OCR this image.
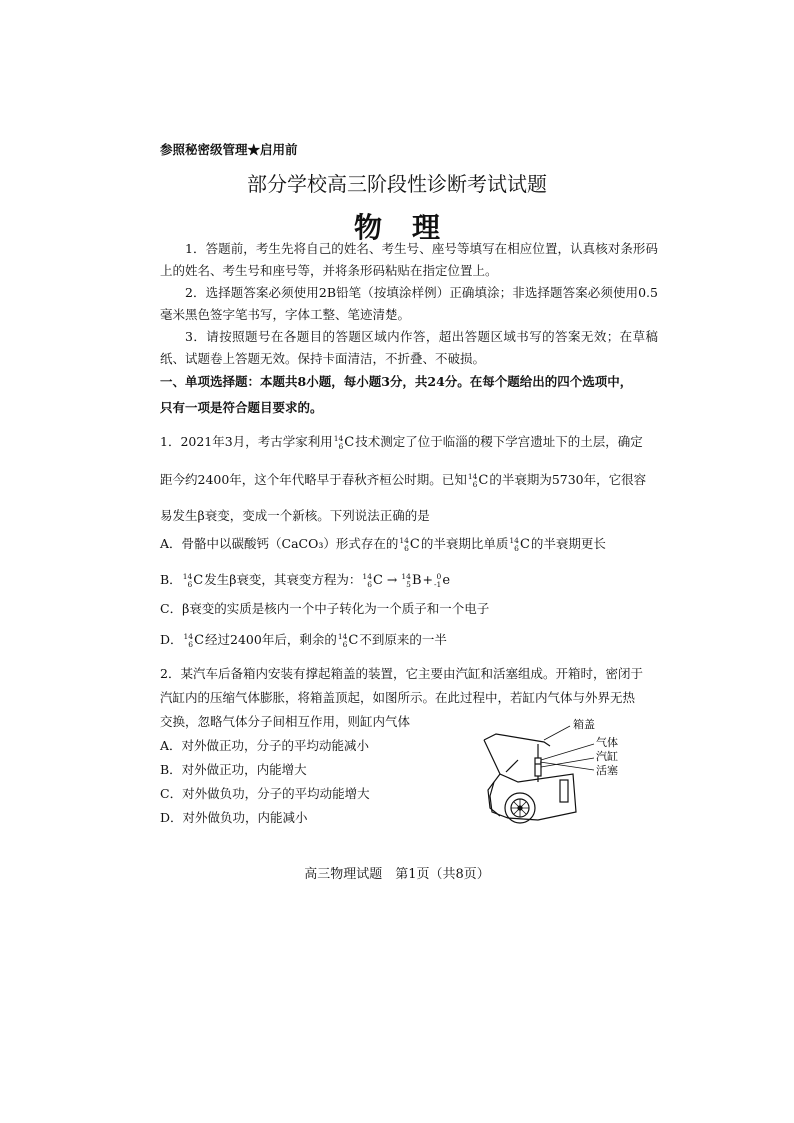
参照秘密级管理★启用前
部分学校高三阶段性诊断考试试题
物理
1．答题前，考生先将自己的姓名、考生号、座号等填写在相应位置，认真核对条形码上的姓名、考生号和座号等，并将条形码粘贴在指定位置上。
2．选择题答案必须使用2B铅笔（按填涂样例）正确填涂；非选择题答案必须使用0.5毫米黑色签字笔书写，字体工整、笔迹清楚。
3．请按照题号在各题目的答题区域内作答，超出答题区域书写的答案无效；在草稿纸、试题卷上答题无效。保持卡面清洁，不折叠、不破损。
一、单项选择题：本题共8小题，每小题3分，共24分。在每个题给出的四个选项中，
只有一项是符合题目要求的。
1．2021年3月，考古学家利用 14
6 C 技术测定了位于临淄的稷下学宫遗址下的土层，确定
距今约2400年，这个年代略早于春秋齐桓公时期。已知 14
6 C 的半衰期为5730年，它很容
易发生β衰变，变成一个新核。下列说法正确的是
A．骨骼中以碳酸钙（CaCO₃）形式存在的 14
6 C 的半衰期比单质 14
6 C 的半衰期更长
B． 14
6 C 发生β衰变，其衰变方程为： 14
6 C → 14
5 B + 0
-1 e
C．β衰变的实质是核内一个中子转化为一个质子和一个电子
D． 14
6 C 经过2400年后，剩余的 14
6 C 不到原来的一半
2．某汽车后备箱内安装有撑起箱盖的装置，它主要由汽缸和活塞组成。开箱时，密闭于
汽缸内的压缩气体膨胀，将箱盖顶起，如图所示。在此过程中，若缸内气体与外界无热
交换，忽略气体分子间相互作用，则缸内气体
A．对外做正功，分子的平均动能减小
B．对外做正功，内能增大
C．对外做负功，分子的平均动能增大
D．对外做负功，内能减小
箱盖
气体
汽缸
活塞
高三物理试题　第1页（共8页）
